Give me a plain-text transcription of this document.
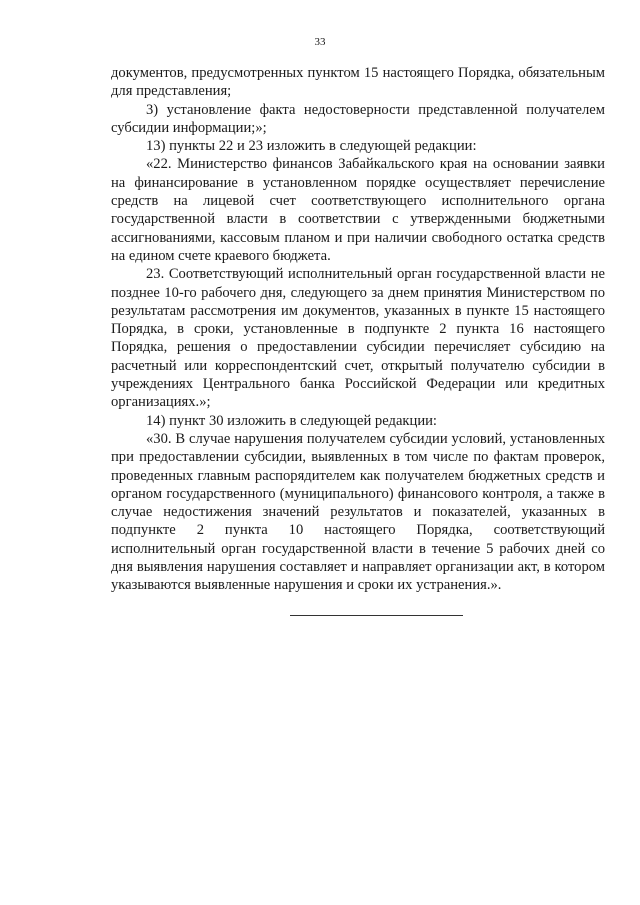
33

документов, предусмотренных пунктом 15 настоящего Порядка, обязательным для представления;

3) установление факта недостоверности представленной получателем субсидии информации;»;

13) пункты 22 и 23 изложить в следующей редакции:

«22. Министерство финансов Забайкальского края на основании заявки на финансирование в установленном порядке осуществляет перечисление средств на лицевой счет соответствующего исполнительного органа государственной власти в соответствии с утвержденными бюджетными ассигнованиями, кассовым планом и при наличии свободного остатка средств на едином счете краевого бюджета.

23. Соответствующий исполнительный орган государственной власти не позднее 10-го рабочего дня, следующего за днем принятия Министерством по результатам рассмотрения им документов, указанных в пункте 15 настоящего Порядка, в сроки, установленные в подпункте 2 пункта 16 настоящего Порядка, решения о предоставлении субсидии перечисляет субсидию на расчетный или корреспондентский счет, открытый получателю субсидии в учреждениях Центрального банка Российской Федерации или кредитных организациях.»;

14) пункт 30 изложить в следующей редакции:

«30. В случае нарушения получателем субсидии условий, установленных при предоставлении субсидии, выявленных в том числе по фактам проверок, проведенных главным распорядителем как получателем бюджетных средств и органом государственного (муниципального) финансового контроля, а также в случае недостижения значений результатов и показателей, указанных в подпункте 2 пункта 10 настоящего Порядка, соответствующий исполнительный орган государственной власти в течение 5 рабочих дней со дня выявления нарушения составляет и направляет организации акт, в котором указываются выявленные нарушения и сроки их устранения.».
